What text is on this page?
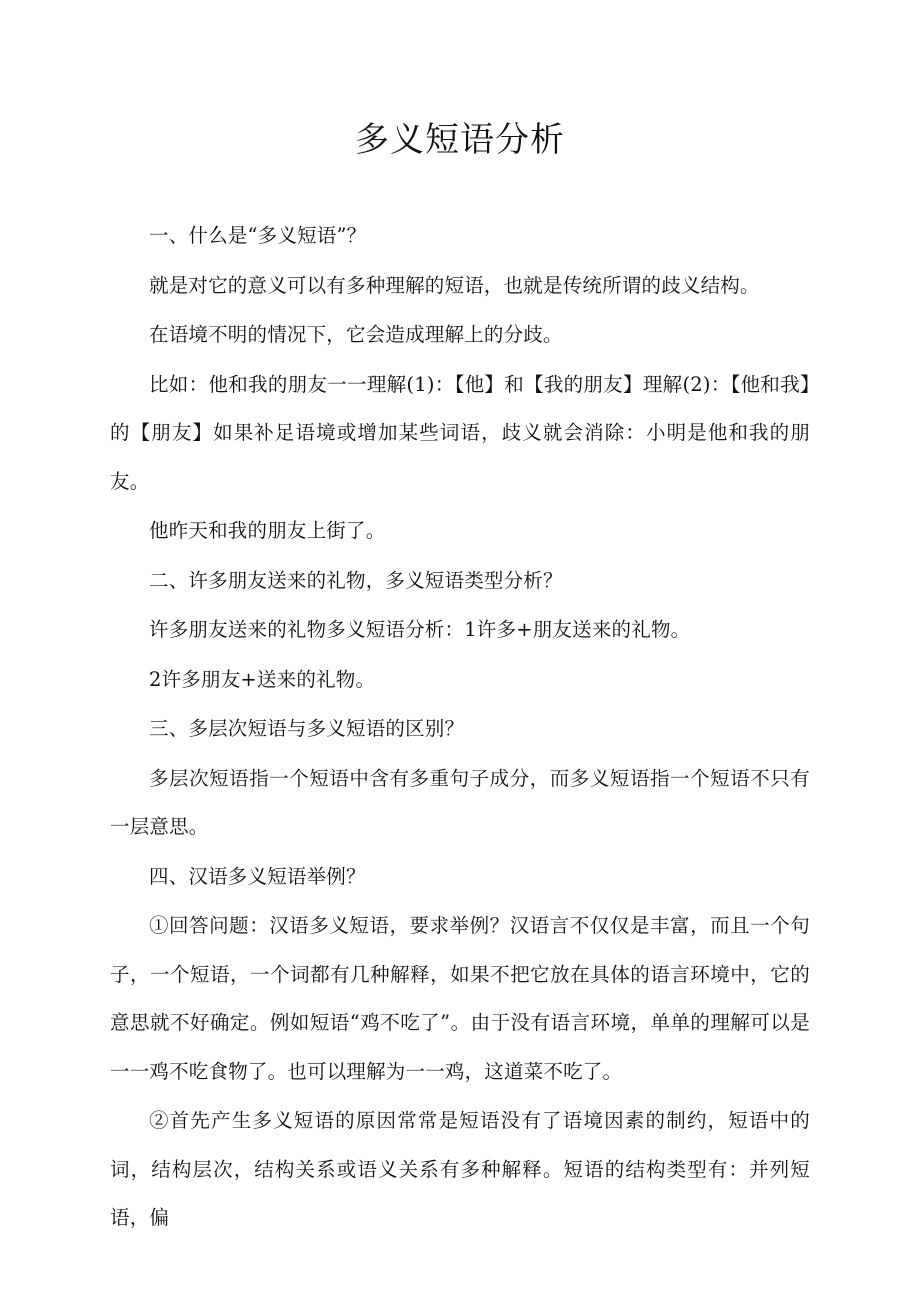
多义短语分析

一、什么是“多义短语”？

就是对它的意义可以有多种理解的短语，也就是传统所谓的歧义结构。

在语境不明的情况下，它会造成理解上的分歧。

比如：他和我的朋友一一理解(1)：【他】和【我的朋友】理解(2)：【他和我】的【朋友】如果补足语境或增加某些词语，歧义就会消除：小明是他和我的朋友。

他昨天和我的朋友上街了。

二、许多朋友送来的礼物，多义短语类型分析？

许多朋友送来的礼物多义短语分析：1许多+朋友送来的礼物。

2许多朋友+送来的礼物。

三、多层次短语与多义短语的区别？

多层次短语指一个短语中含有多重句子成分，而多义短语指一个短语不只有一层意思。

四、汉语多义短语举例？

①回答问题：汉语多义短语，要求举例？汉语言不仅仅是丰富，而且一个句子，一个短语，一个词都有几种解释，如果不把它放在具体的语言环境中，它的意思就不好确定。例如短语“鸡不吃了”。由于没有语言环境，单单的理解可以是一一鸡不吃食物了。也可以理解为一一鸡，这道菜不吃了。

②首先产生多义短语的原因常常是短语没有了语境因素的制约，短语中的词，结构层次，结构关系或语义关系有多种解释。短语的结构类型有：并列短语，偏
